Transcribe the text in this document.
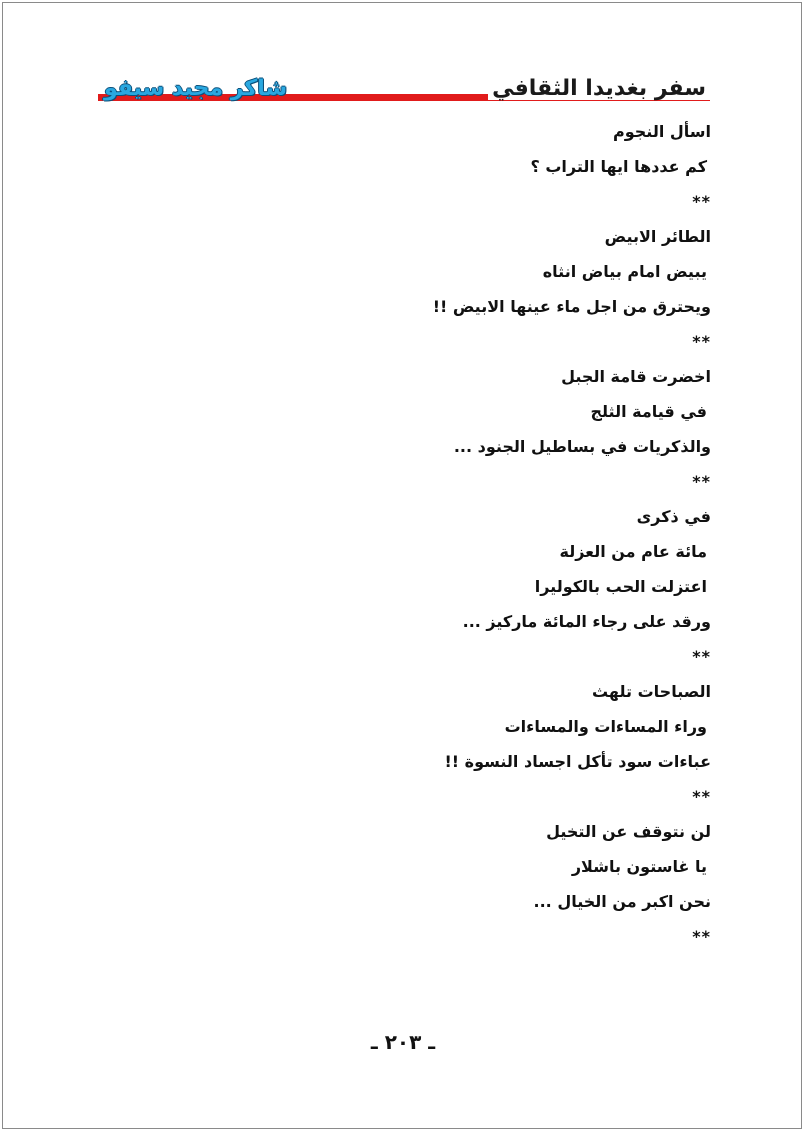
سفر بغديدا الثقافي
شاكر مجيد سيفو
اسأل النجوم
كم عددها ايها التراب ؟
**
الطائر الابيض
يبيض امام بياض انثاه
ويحترق من اجل ماء عينها الابيض !!
**
اخضرت قامة الجبل
في قيامة الثلج
والذكريات في بساطيل الجنود ...
**
في ذكرى
مائة عام من العزلة
اعتزلت الحب بالكوليرا
ورقد على رجاء المائة ماركيز ...
**
الصباحات تلهث
وراء المساءات والمساءات
عباءات سود تأكل اجساد النسوة !!
**
لن نتوقف عن التخيل
يا غاستون باشلار
نحن اكبر من الخيال ...
**
ـ ٢٠٣ ـ
